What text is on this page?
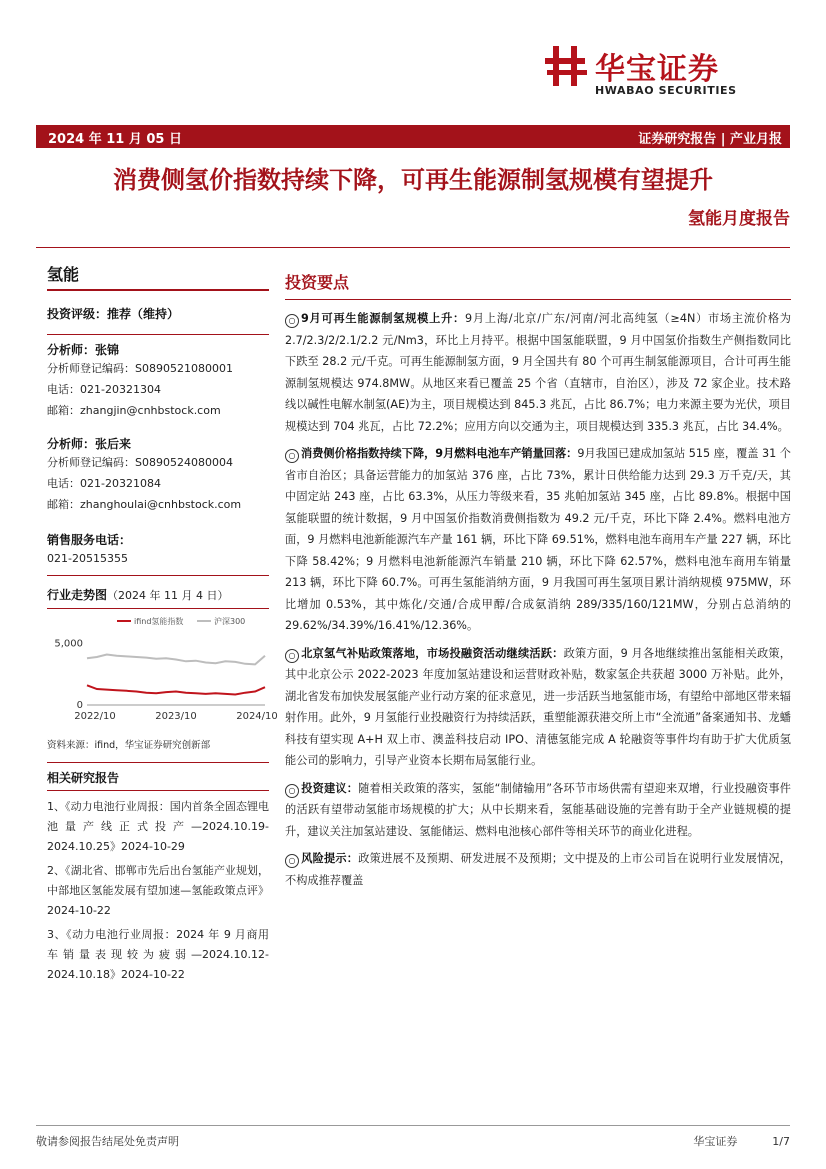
华宝证券
HWABAO SECURITIES
2024 年 11 月 05 日	证券研究报告 | 产业月报
消费侧氢价指数持续下降，可再生能源制氢规模有望提升
氢能月度报告
氢能
投资评级：推荐（维持）
分析师：张锦
分析师登记编码：S0890521080001
电话：021-20321304
邮箱：zhangjin@cnhbstock.com
分析师：张后来
分析师登记编码：S0890524080004
电话：021-20321084
邮箱：zhanghoulai@cnhbstock.com
销售服务电话：
021-20515355
行业走势图（2024 年 11 月 4 日）
ifind氢能指数	沪深300
5,000
0
2022/10	2023/10	2024/10
资料来源：ifind，华宝证券研究创新部
相关研究报告
1、《动力电池行业周报：国内首条全固态锂电池量产线正式投产—2024.10.19-2024.10.25》2024-10-29
2、《湖北省、邯郸市先后出台氢能产业规划，中部地区氢能发展有望加速—氢能政策点评》2024-10-22
3、《动力电池行业周报：2024 年 9 月商用车销量表现较为疲弱—2024.10.12-2024.10.18》2024-10-22
投资要点
○ 9月可再生能源制氢规模上升：9月上海/北京/广东/河南/河北高纯氢（≥4N）市场主流价格为 2.7/2.3/2/2.1/2.2 元/Nm3，环比上月持平。根据中国氢能联盟，9 月中国氢价指数生产侧指数同比下跌至 28.2 元/千克。可再生能源制氢方面，9 月全国共有 80 个可再生制氢能源项目，合计可再生能源制氢规模达 974.8MW。从地区来看已覆盖 25 个省（直辖市，自治区），涉及 72 家企业。技术路线以碱性电解水制氢(AE)为主，项目规模达到 845.3 兆瓦，占比 86.7%；电力来源主要为光伏，项目规模达到 704 兆瓦，占比 72.2%；应用方向以交通为主，项目规模达到 335.3 兆瓦，占比 34.4%。
○ 消费侧价格指数持续下降，9月燃料电池车产销量回落：9月我国已建成加氢站 515 座，覆盖 31 个省市自治区；具备运营能力的加氢站 376 座，占比 73%，累计日供给能力达到 29.3 万千克/天，其中固定站 243 座，占比 63.3%，从压力等级来看，35 兆帕加氢站 345 座，占比 89.8%。根据中国氢能联盟的统计数据，9 月中国氢价指数消费侧指数为 49.2 元/千克，环比下降 2.4%。燃料电池方面，9 月燃料电池新能源汽车产量 161 辆，环比下降 69.51%，燃料电池车商用车产量 227 辆，环比下降 58.42%；9 月燃料电池新能源汽车销量 210 辆，环比下降 62.57%，燃料电池车商用车销量 213 辆，环比下降 60.7%。可再生氢能消纳方面，9 月我国可再生氢项目累计消纳规模 975MW，环比增加 0.53%，其中炼化/交通/合成甲醇/合成氨消纳 289/335/160/121MW，分别占总消纳的 29.62%/34.39%/16.41%/12.36%。
○ 北京氢气补贴政策落地，市场投融资活动继续活跃：政策方面，9 月各地继续推出氢能相关政策，其中北京公示 2022-2023 年度加氢站建设和运营财政补贴，数家氢企共获超 3000 万补贴。此外，湖北省发布加快发展氢能产业行动方案的征求意见，进一步活跃当地氢能市场，有望给中部地区带来辐射作用。此外，9 月氢能行业投融资行为持续活跃，重塑能源获港交所上市“全流通”备案通知书、龙蟠科技有望实现 A+H 双上市、澳盖科技启动 IPO、清德氢能完成 A 轮融资等事件均有助于扩大优质氢能公司的影响力，引导产业资本长期布局氢能行业。
○ 投资建议：随着相关政策的落实，氢能“制储输用”各环节市场供需有望迎来双增，行业投融资事件的活跃有望带动氢能市场规模的扩大；从中长期来看，氢能基础设施的完善有助于全产业链规模的提升，建议关注加氢站建设、氢能储运、燃料电池核心部件等相关环节的商业化进程。
○ 风险提示：政策进展不及预期、研发进展不及预期；文中提及的上市公司旨在说明行业发展情况，不构成推荐覆盖
敬请参阅报告结尾处免责声明	华宝证券	1/7
